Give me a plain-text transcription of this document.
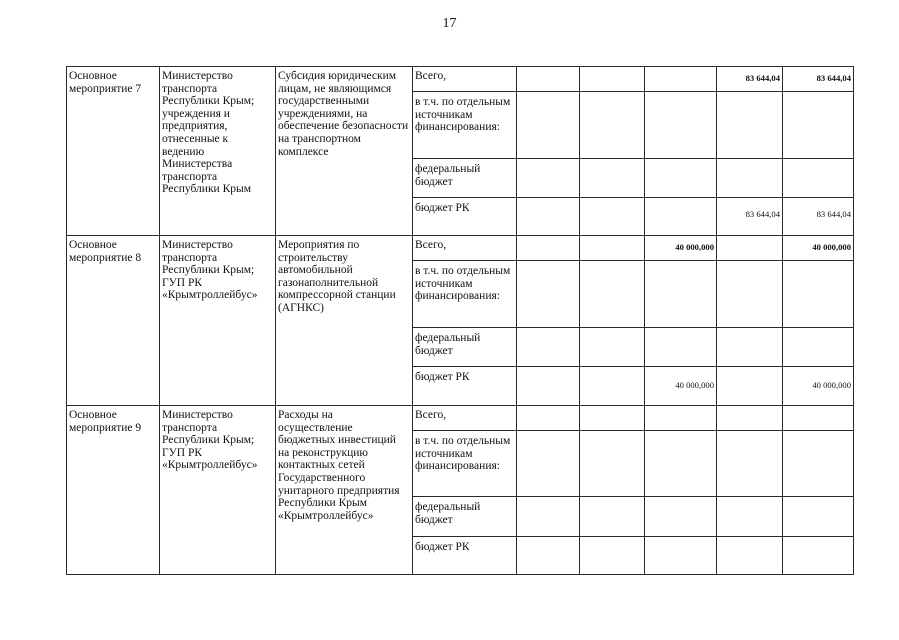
17
Основное мероприятие 7	Министерство транспорта Республики Крым; учреждения и предприятия, отнесенные к ведению Министерства транспорта Республики Крым	Субсидия юридическим лицам, не являющимся государственными учреждениями, на обеспечение безопасности на транспортном комплексе	Всего,				83 644,04	83 644,04
			в т.ч. по отдельным источникам финансирования:					
			федеральный бюджет					
			бюджет РК				83 644,04	83 644,04
Основное мероприятие 8	Министерство транспорта Республики Крым; ГУП РК «Крымтроллейбус»	Мероприятия по строительству автомобильной газонаполнительной компрессорной станции (АГНКС)	Всего,			40 000,000		40 000,000
			в т.ч. по отдельным источникам финансирования:					
			федеральный бюджет					
			бюджет РК			40 000,000		40 000,000
Основное мероприятие 9	Министерство транспорта Республики Крым; ГУП РК «Крымтроллейбус»	Расходы на осуществление бюджетных инвестиций на реконструкцию контактных сетей Государственного унитарного предприятия Республики Крым «Крымтроллейбус»	Всего,					
			в т.ч. по отдельным источникам финансирования:					
			федеральный бюджет					
			бюджет РК					
